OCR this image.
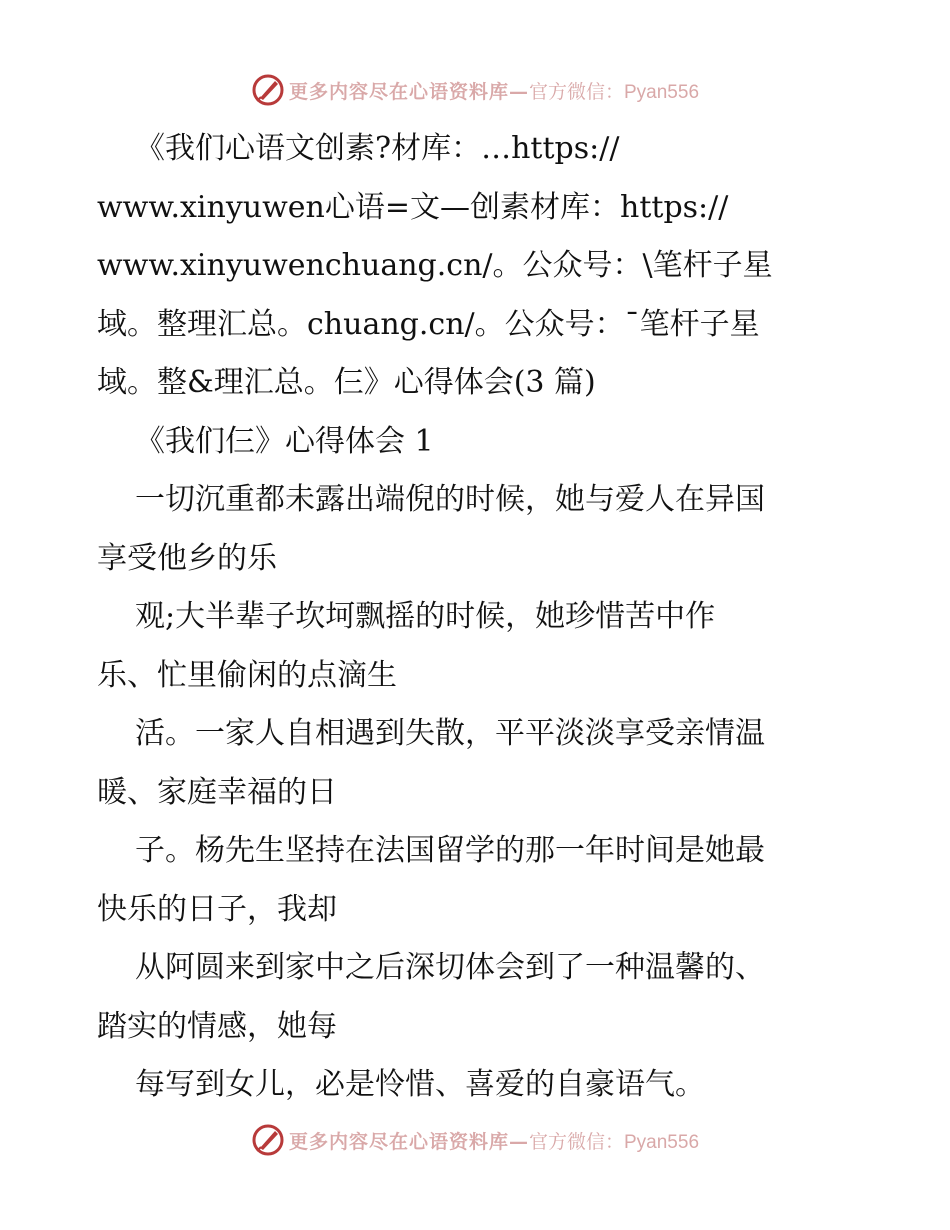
更多内容尽在心语资料库— 官方微信：Pyan556
《我们心语文创素?材库：…https://
www.xinyuwen心语=文—创素材库：https://
www.xinyuwenchuang.cn/。公众号：\笔杆子星
域。整理汇总。chuang.cn/。公众号：¯笔杆子星
域。整&理汇总。仨》心得体会(3 篇)
《我们仨》心得体会 1
一切沉重都未露出端倪的时候，她与爱人在异国
享受他乡的乐
观;大半辈子坎坷飘摇的时候，她珍惜苦中作
乐、忙里偷闲的点滴生
活。一家人自相遇到失散，平平淡淡享受亲情温
暖、家庭幸福的日
子。杨先生坚持在法国留学的那一年时间是她最
快乐的日子，我却
从阿圆来到家中之后深切体会到了一种温馨的、
踏实的情感，她每
每写到女儿，必是怜惜、喜爱的自豪语气。
更多内容尽在心语资料库— 官方微信：Pyan556
